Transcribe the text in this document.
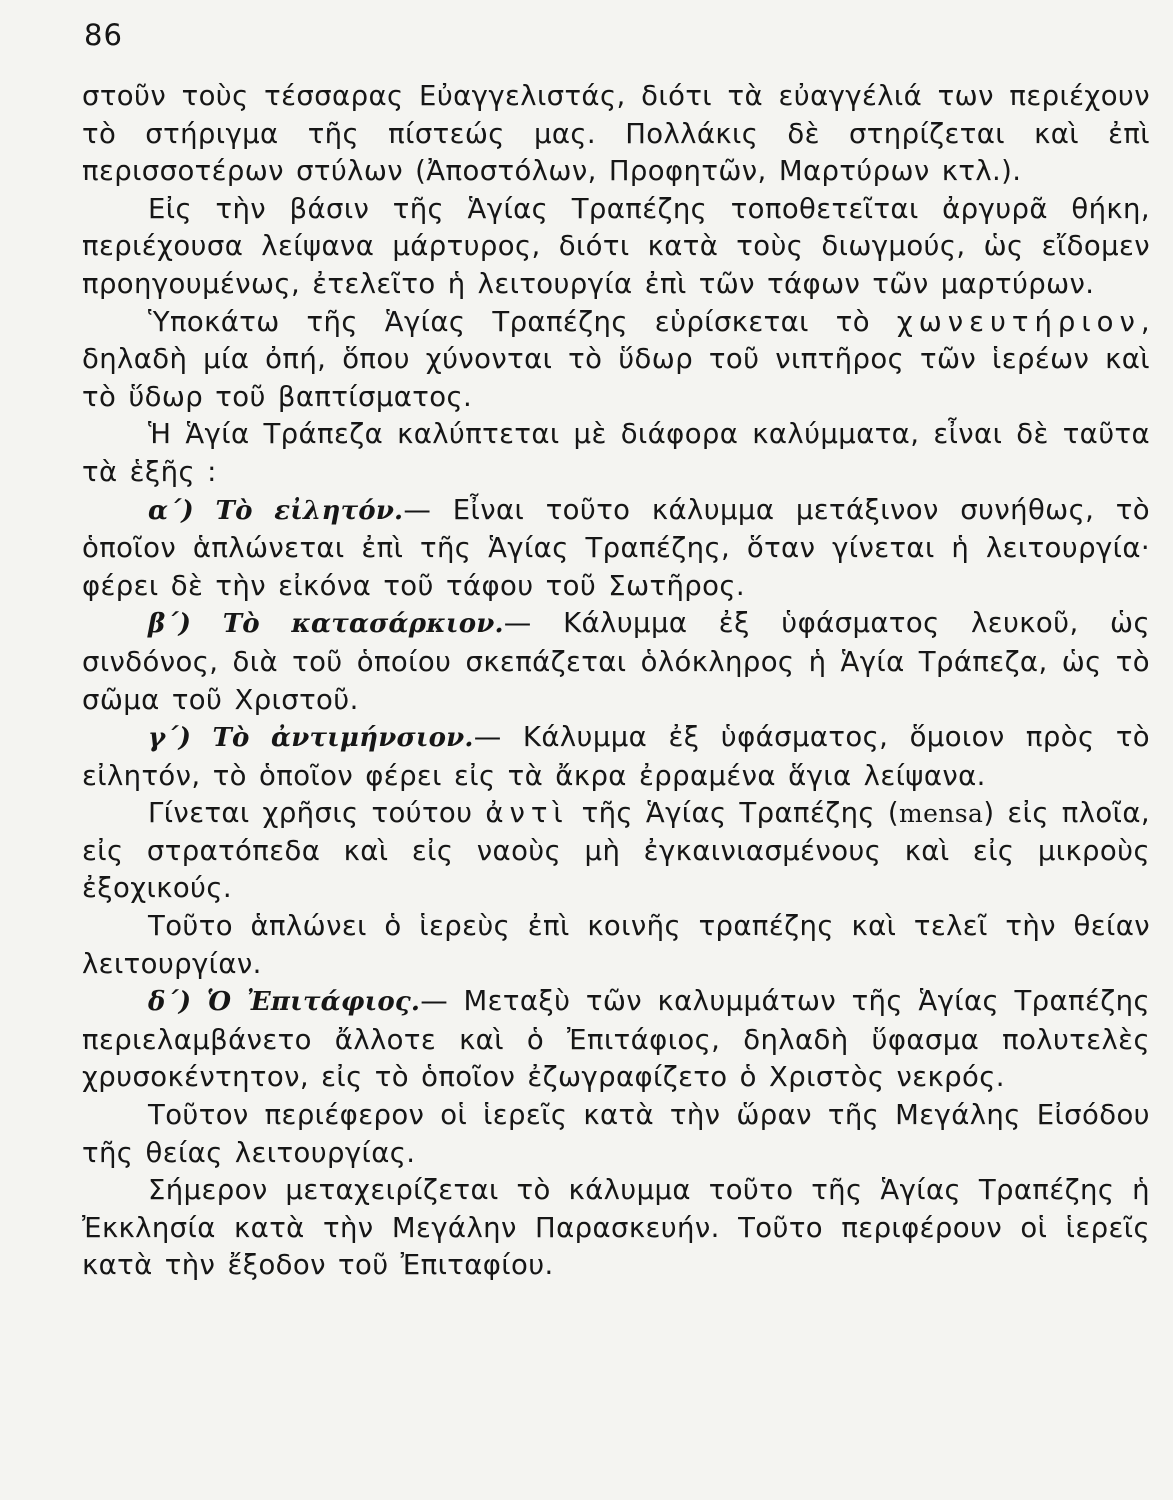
86

στοῦν τοὺς τέσσαρας Εὐαγγελιστάς, διότι τὰ εὐαγγέλιά των περιέχουν τὸ στήριγμα τῆς πίστεώς μας. Πολλάκις δὲ στηρίζεται καὶ ἐπὶ περισσοτέρων στύλων (Ἀποστόλων, Προφητῶν, Μαρτύρων κτλ.).

Εἰς τὴν βάσιν τῆς Ἁγίας Τραπέζης τοποθετεῖται ἀργυρᾶ θήκη, περιέχουσα λείψανα μάρτυρος, διότι κατὰ τοὺς διωγμούς, ὡς εἴδομεν προηγουμένως, ἐτελεῖτο ἡ λειτουργία ἐπὶ τῶν τάφων τῶν μαρτύρων.

Ὑποκάτω τῆς Ἁγίας Τραπέζης εὑρίσκεται τὸ χωνευτήριον, δηλαδὴ μία ὀπή, ὅπου χύνονται τὸ ὕδωρ τοῦ νιπτῆρος τῶν ἱερέων καὶ τὸ ὕδωρ τοῦ βαπτίσματος.

Ἡ Ἁγία Τράπεζα καλύπτεται μὲ διάφορα καλύμματα, εἶναι δὲ ταῦτα τὰ ἑξῆς :

α΄) Τὸ εἰλητόν.— Εἶναι τοῦτο κάλυμμα μετάξινον συνήθως, τὸ ὁποῖον ἁπλώνεται ἐπὶ τῆς Ἁγίας Τραπέζης, ὅταν γίνεται ἡ λειτουργία· φέρει δὲ τὴν εἰκόνα τοῦ τάφου τοῦ Σωτῆρος.

β΄) Τὸ κατασάρκιον.— Κάλυμμα ἐξ ὑφάσματος λευκοῦ, ὡς σινδόνος, διὰ τοῦ ὁποίου σκεπάζεται ὁλόκληρος ἡ Ἁγία Τράπεζα, ὡς τὸ σῶμα τοῦ Χριστοῦ.

γ΄) Τὸ ἀντιμήνσιον.— Κάλυμμα ἐξ ὑφάσματος, ὅμοιον πρὸς τὸ εἰλητόν, τὸ ὁποῖον φέρει εἰς τὰ ἄκρα ἐρραμένα ἅγια λείψανα.

Γίνεται χρῆσις τούτου ἀντὶ τῆς Ἁγίας Τραπέζης (mensa) εἰς πλοῖα, εἰς στρατόπεδα καὶ εἰς ναοὺς μὴ ἐγκαινιασμένους καὶ εἰς μικροὺς ἐξοχικούς.

Τοῦτο ἁπλώνει ὁ ἱερεὺς ἐπὶ κοινῆς τραπέζης καὶ τελεῖ τὴν θείαν λειτουργίαν.

δ΄) Ὁ Ἐπιτάφιος.— Μεταξὺ τῶν καλυμμάτων τῆς Ἁγίας Τραπέζης περιελαμβάνετο ἄλλοτε καὶ ὁ Ἐπιτάφιος, δηλαδὴ ὕφασμα πολυτελὲς χρυσοκέντητον, εἰς τὸ ὁποῖον ἐζωγραφίζετο ὁ Χριστὸς νεκρός.

Τοῦτον περιέφερον οἱ ἱερεῖς κατὰ τὴν ὥραν τῆς Μεγάλης Εἰσόδου τῆς θείας λειτουργίας.

Σήμερον μεταχειρίζεται τὸ κάλυμμα τοῦτο τῆς Ἁγίας Τραπέζης ἡ Ἐκκλησία κατὰ τὴν Μεγάλην Παρασκευήν. Τοῦτο περιφέρουν οἱ ἱερεῖς κατὰ τὴν ἔξοδον τοῦ Ἐπιταφίου.
